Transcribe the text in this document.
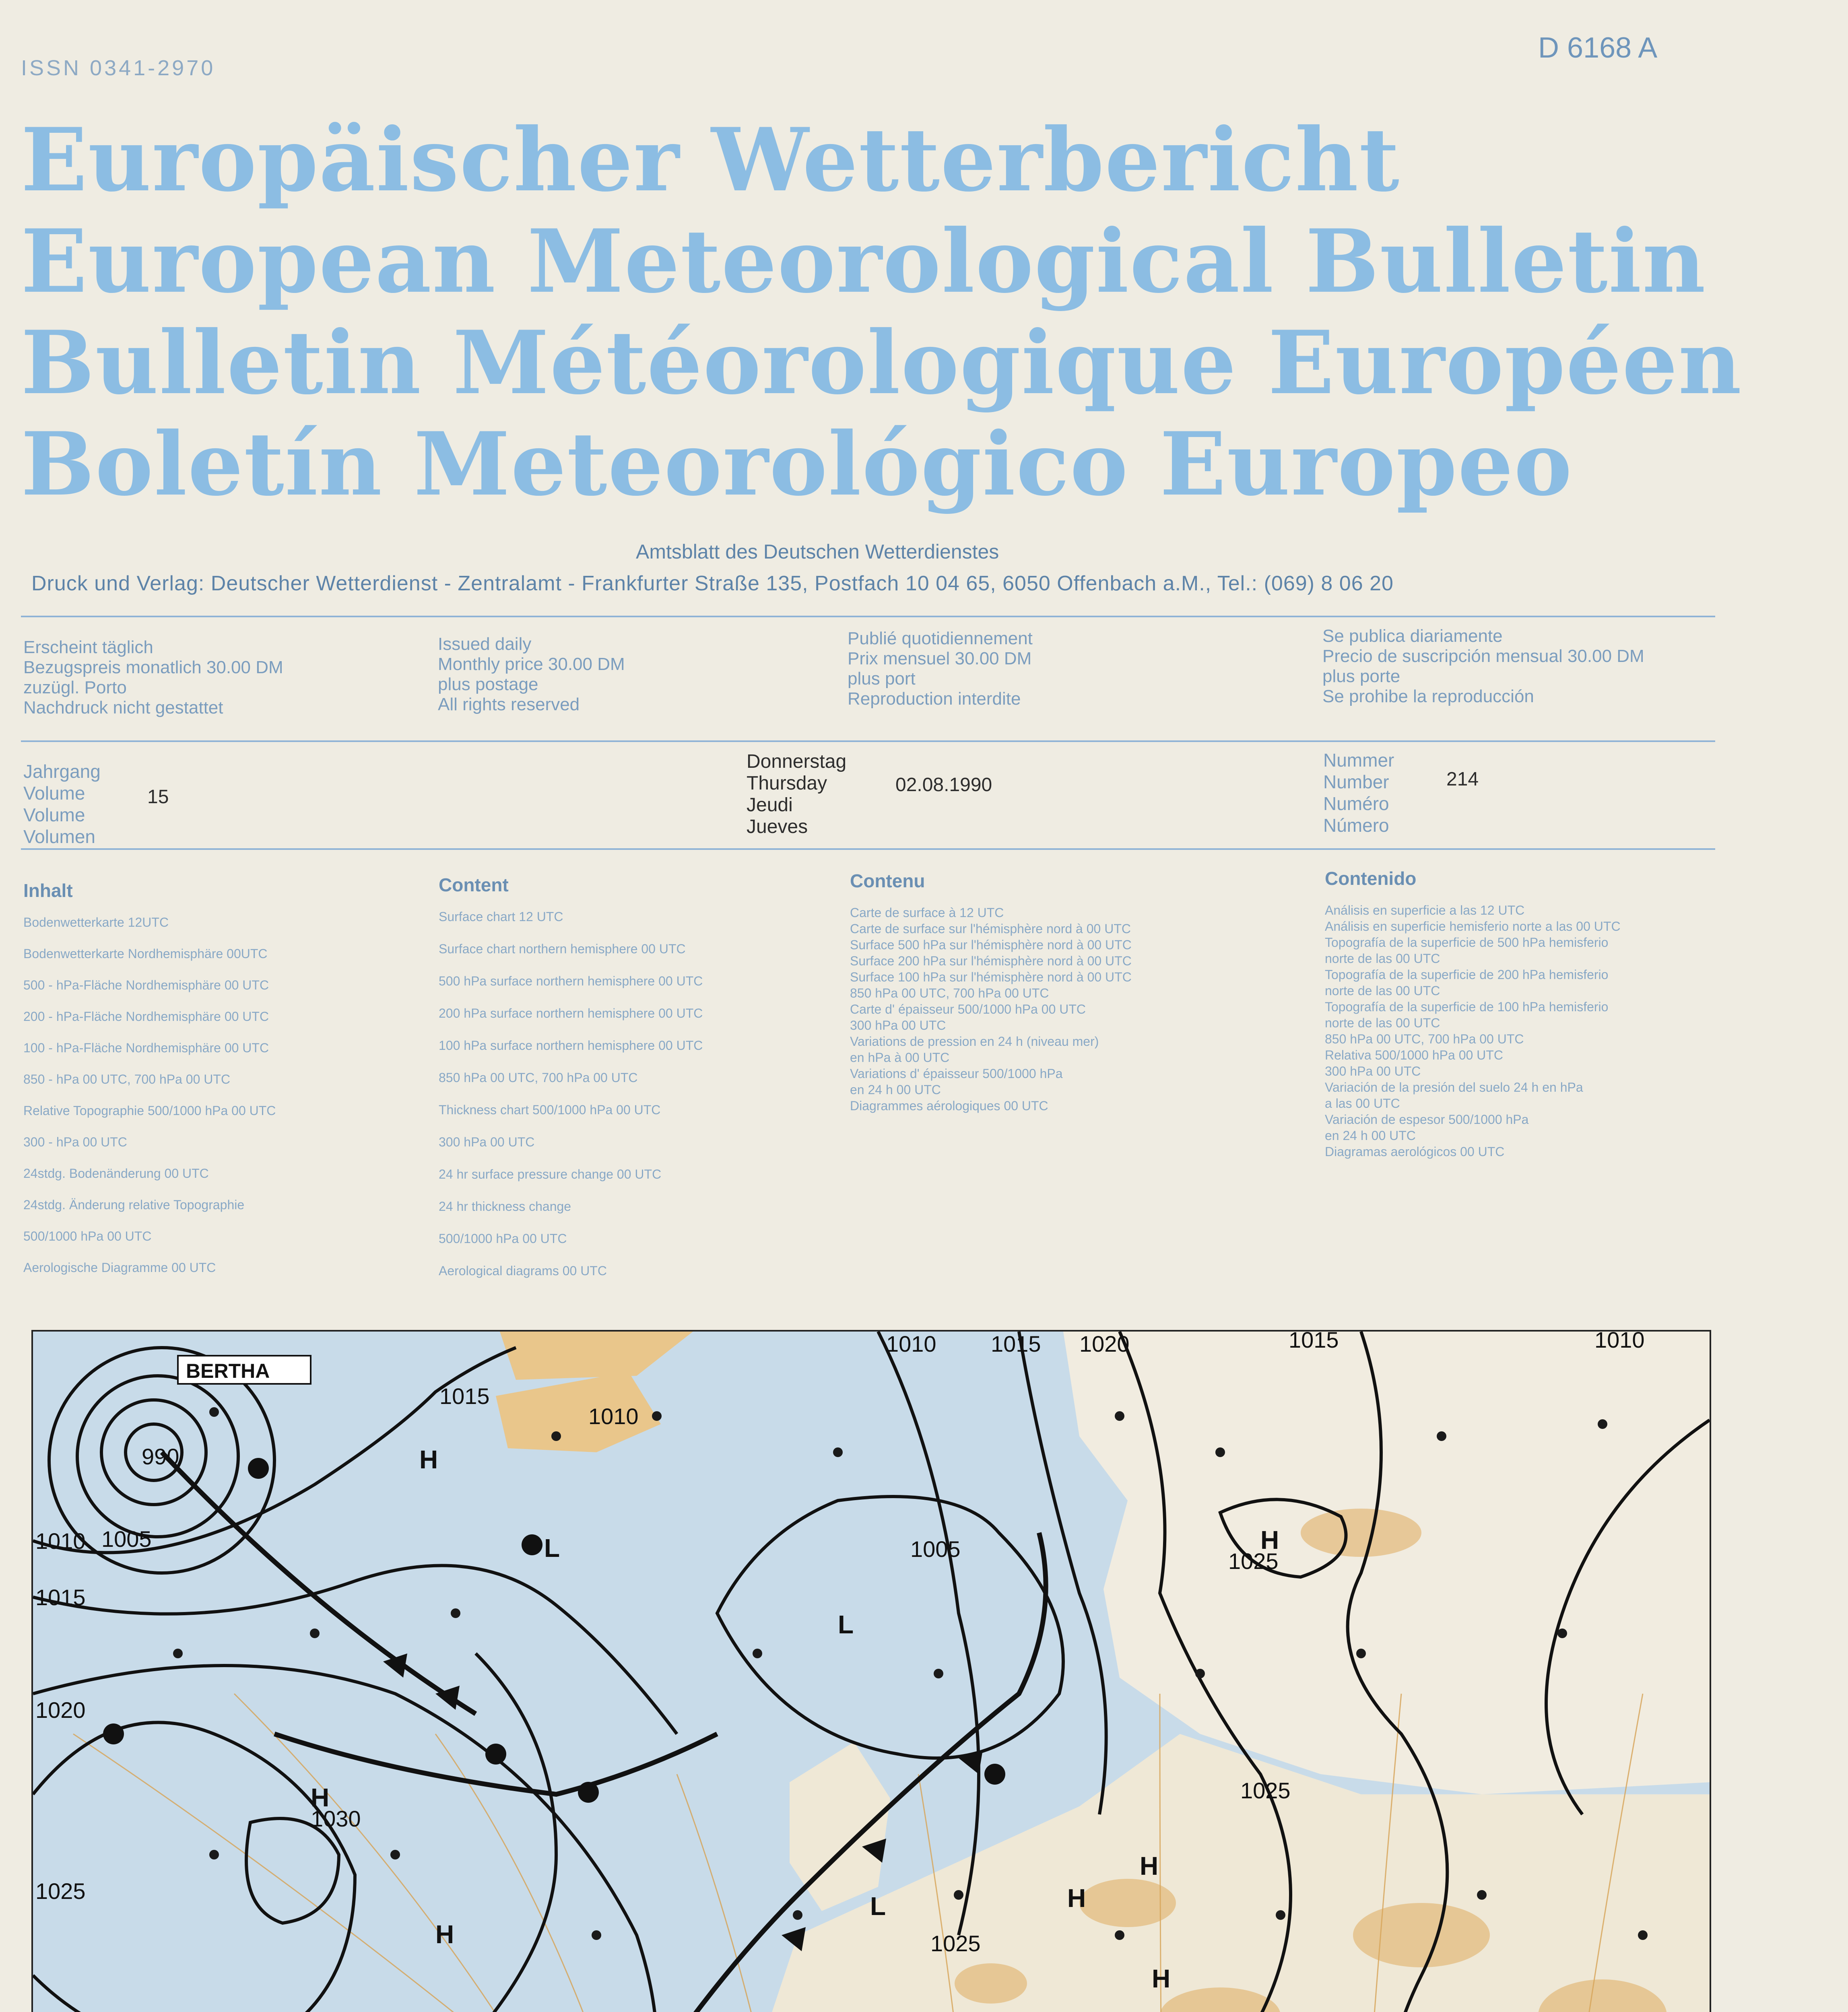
ISSN 0341-2970
D 6168 A
Europäischer Wetterbericht
European Meteorological Bulletin
Bulletin Météorologique Européen
Boletín Meteorológico Europeo
Amtsblatt des Deutschen Wetterdienstes
Druck und Verlag: Deutscher Wetterdienst - Zentralamt - Frankfurter Straße 135, Postfach 10 04 65, 6050 Offenbach a.M., Tel.: (069) 8 06 20
Erscheint täglich
Bezugspreis monatlich 30.00 DM
zuzügl. Porto
Nachdruck nicht gestattet
Issued daily
Monthly price 30.00 DM
plus postage
All rights reserved
Publié quotidiennement
Prix mensuel 30.00 DM
plus port
Reproduction interdite
Se publica diariamente
Precio de suscripción mensual 30.00 DM
plus porte
Se prohibe la reproducción
Jahrgang
Volume
Volume
Volumen
15
Donnerstag
Thursday
Jeudi
Jueves
02.08.1990
Nummer
Number
Numéro
Número
214
Inhalt
Bodenwetterkarte 12UTC
Bodenwetterkarte Nordhemisphäre 00UTC
500 - hPa-Fläche Nordhemisphäre 00 UTC
200 - hPa-Fläche Nordhemisphäre 00 UTC
100 - hPa-Fläche Nordhemisphäre 00 UTC
850 - hPa 00 UTC, 700 hPa 00 UTC
Relative Topographie 500/1000 hPa 00 UTC
300 - hPa 00 UTC
24stdg. Bodenänderung 00 UTC
24stdg. Änderung relative Topographie
500/1000 hPa 00 UTC
Aerologische Diagramme 00 UTC
Content
Surface chart 12 UTC
Surface chart northern hemisphere 00 UTC
500 hPa surface northern hemisphere 00 UTC
200 hPa surface northern hemisphere 00 UTC
100 hPa surface northern hemisphere 00 UTC
850 hPa 00 UTC, 700 hPa 00 UTC
Thickness chart 500/1000 hPa 00 UTC
300 hPa 00 UTC
24 hr surface pressure change 00 UTC
24 hr thickness change
500/1000 hPa 00 UTC
Aerological diagrams 00 UTC
Contenu
Carte de surface à 12 UTC
Carte de surface sur l'hémisphère nord à 00 UTC
Surface 500 hPa sur l'hémisphère nord à 00 UTC
Surface 200 hPa sur l'hémisphère nord à 00 UTC
Surface 100 hPa sur l'hémisphère nord à 00 UTC
850 hPa 00 UTC, 700 hPa 00 UTC
Carte d' épaisseur 500/1000 hPa 00 UTC
300 hPa 00 UTC
Variations de pression en 24 h (niveau mer)
en hPa à 00 UTC
Variations d' épaisseur 500/1000 hPa
en 24 h 00 UTC
Diagrammes aérologiques 00 UTC
Contenido
Análisis en superficie a las 12 UTC
Análisis en superficie hemisferio norte a las 00 UTC
Topografía de la superficie de 500 hPa hemisferio
norte de las 00 UTC
Topografía de la superficie de 200 hPa hemisferio
norte de las 00 UTC
Topografía de la superficie de 100 hPa hemisferio
norte de las 00 UTC
850 hPa 00 UTC, 700 hPa 00 UTC
Relativa 500/1000 hPa 00 UTC
300 hPa 00 UTC
Variación de la presión del suelo 24 h en hPa
a las 00 UTC
Variación de espesor 500/1000 hPa
en 24 h 00 UTC
Diagramas aerológicos 00 UTC
BERTHA
990
1005
1010
1015
1020
1025
1030
1015
1010
1010 1015 1020	1015	1010
1005	1025
1025
1025
H
L
H
L
H
H
H
H
L
H
